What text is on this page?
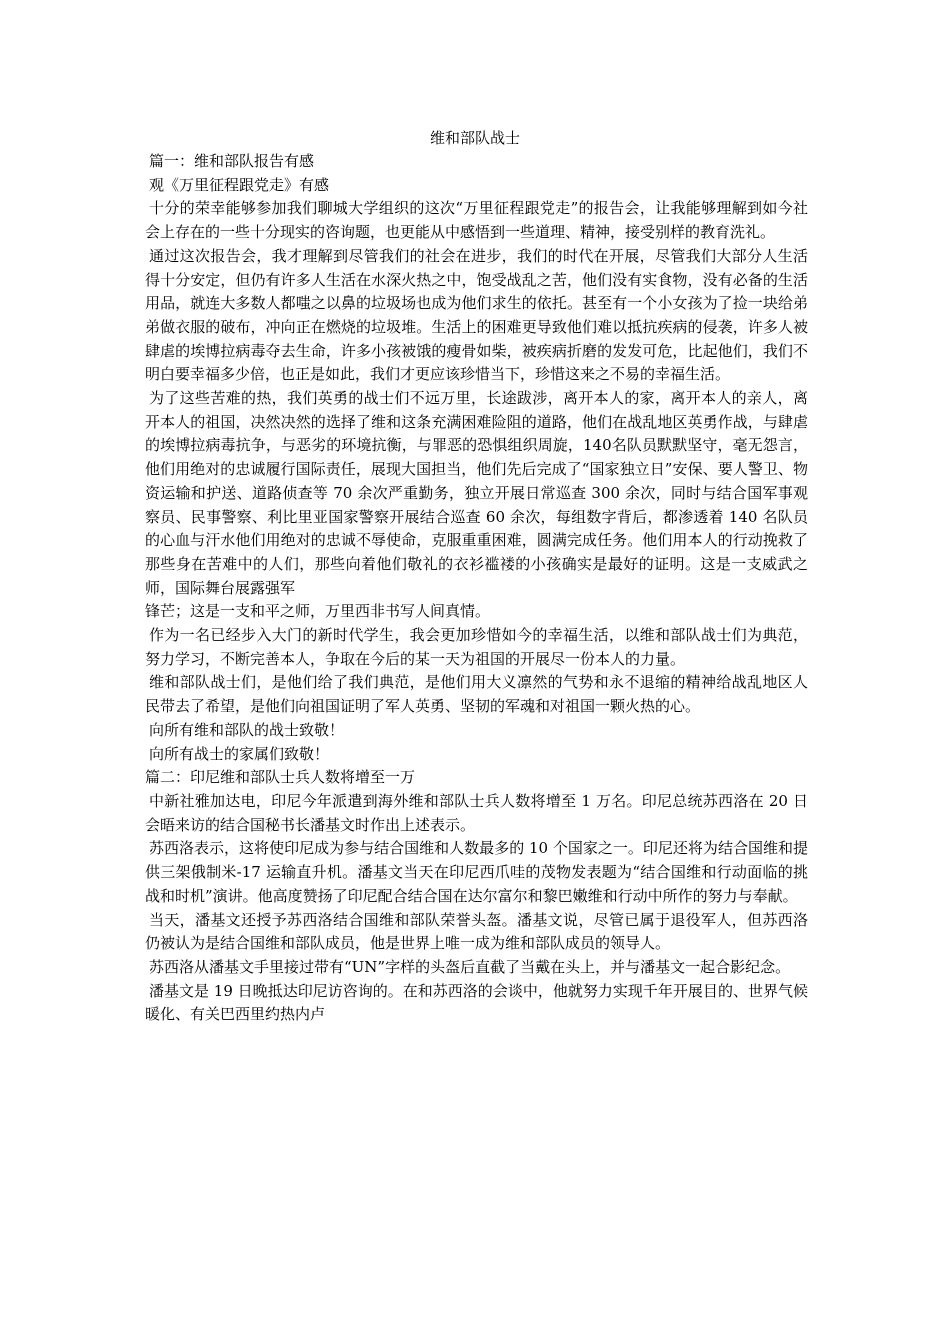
维和部队战士

篇一：维和部队报告有感

观《万里征程跟党走》有感

十分的荣幸能够参加我们聊城大学组织的这次“万里征程跟党走”的报告会，让我能够理解到如今社会上存在的一些十分现实的咨询题，也更能从中感悟到一些道理、精神，接受别样的教育洗礼。

通过这次报告会，我才理解到尽管我们的社会在进步，我们的时代在开展，尽管我们大部分人生活得十分安定，但仍有许多人生活在水深火热之中，饱受战乱之苦，他们没有实食物，没有必备的生活用品，就连大多数人都嗤之以鼻的垃圾场也成为他们求生的依托。甚至有一个小女孩为了捡一块给弟弟做衣服的破布，冲向正在燃烧的垃圾堆。生活上的困难更导致他们难以抵抗疾病的侵袭，许多人被肆虐的埃博拉病毒夺去生命，许多小孩被饿的瘦骨如柴，被疾病折磨的发发可危，比起他们，我们不明白要幸福多少倍，也正是如此，我们才更应该珍惜当下，珍惜这来之不易的幸福生活。

为了这些苦难的热，我们英勇的战士们不远万里，长途跋涉，离开本人的家，离开本人的亲人，离开本人的祖国，决然决然的选择了维和这条充满困难险阻的道路，他们在战乱地区英勇作战，与肆虐的埃博拉病毒抗争，与恶劣的环境抗衡，与罪恶的恐惧组织周旋，140名队员默默坚守，毫无怨言，他们用绝对的忠诚履行国际责任，展现大国担当，他们先后完成了“国家独立日”安保、要人警卫、物资运输和护送、道路侦查等 70 余次严重勤务，独立开展日常巡查 300 余次，同时与结合国军事观察员、民事警察、利比里亚国家警察开展结合巡查 60 余次，每组数字背后，都渗透着 140 名队员的心血与汗水他们用绝对的忠诚不辱使命，克服重重困难，圆满完成任务。他们用本人的行动挽救了那些身在苦难中的人们，那些向着他们敬礼的衣衫褴褛的小孩确实是最好的证明。这是一支威武之师，国际舞台展露强军

锋芒；这是一支和平之师，万里西非书写人间真情。

作为一名已经步入大门的新时代学生，我会更加珍惜如今的幸福生活，以维和部队战士们为典范，努力学习，不断完善本人，争取在今后的某一天为祖国的开展尽一份本人的力量。

维和部队战士们，是他们给了我们典范，是他们用大义凛然的气势和永不退缩的精神给战乱地区人民带去了希望，是他们向祖国证明了军人英勇、坚韧的军魂和对祖国一颗火热的心。

向所有维和部队的战士致敬！

向所有战士的家属们致敬！

篇二：印尼维和部队士兵人数将增至一万

中新社雅加达电，印尼今年派遣到海外维和部队士兵人数将增至 1 万名。印尼总统苏西洛在 20 日会晤来访的结合国秘书长潘基文时作出上述表示。

苏西洛表示，这将使印尼成为参与结合国维和人数最多的 10 个国家之一。印尼还将为结合国维和提供三架俄制米-17 运输直升机。潘基文当天在印尼西爪哇的茂物发表题为“结合国维和行动面临的挑战和时机”演讲。他高度赞扬了印尼配合结合国在达尔富尔和黎巴嫩维和行动中所作的努力与奉献。

当天，潘基文还授予苏西洛结合国维和部队荣誉头盔。潘基文说，尽管已属于退役军人，但苏西洛仍被认为是结合国维和部队成员，他是世界上唯一成为维和部队成员的领导人。

苏西洛从潘基文手里接过带有“UN”字样的头盔后直截了当戴在头上，并与潘基文一起合影纪念。

潘基文是 19 日晚抵达印尼访咨询的。在和苏西洛的会谈中，他就努力实现千年开展目的、世界气候暖化、有关巴西里约热内卢
